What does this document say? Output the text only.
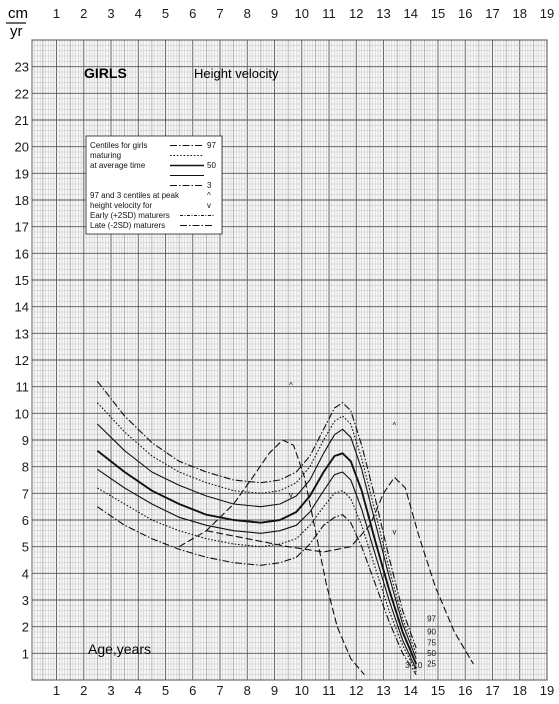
1
1
2
2
3
3
4
4
5
5
6
6
7
7
8
8
9
9
10
10
11
11
12
12
13
13
14
14
15
15
16
16
17
17
18
18
19
19
1
2
3
4
5
6
7
8
9
10
11
12
13
14
15
16
17
18
19
20
21
22
23
cm
yr
GIRLS	Height velocity
Age,years
Centiles for girls	97
maturing
at average time	50
3
97 and 3 centiles at peak	^
height velocity for	v
Early (+2SD) maturers
Late (-2SD) maturers
^
v
^
v
97
90
75
50
25
10
3
